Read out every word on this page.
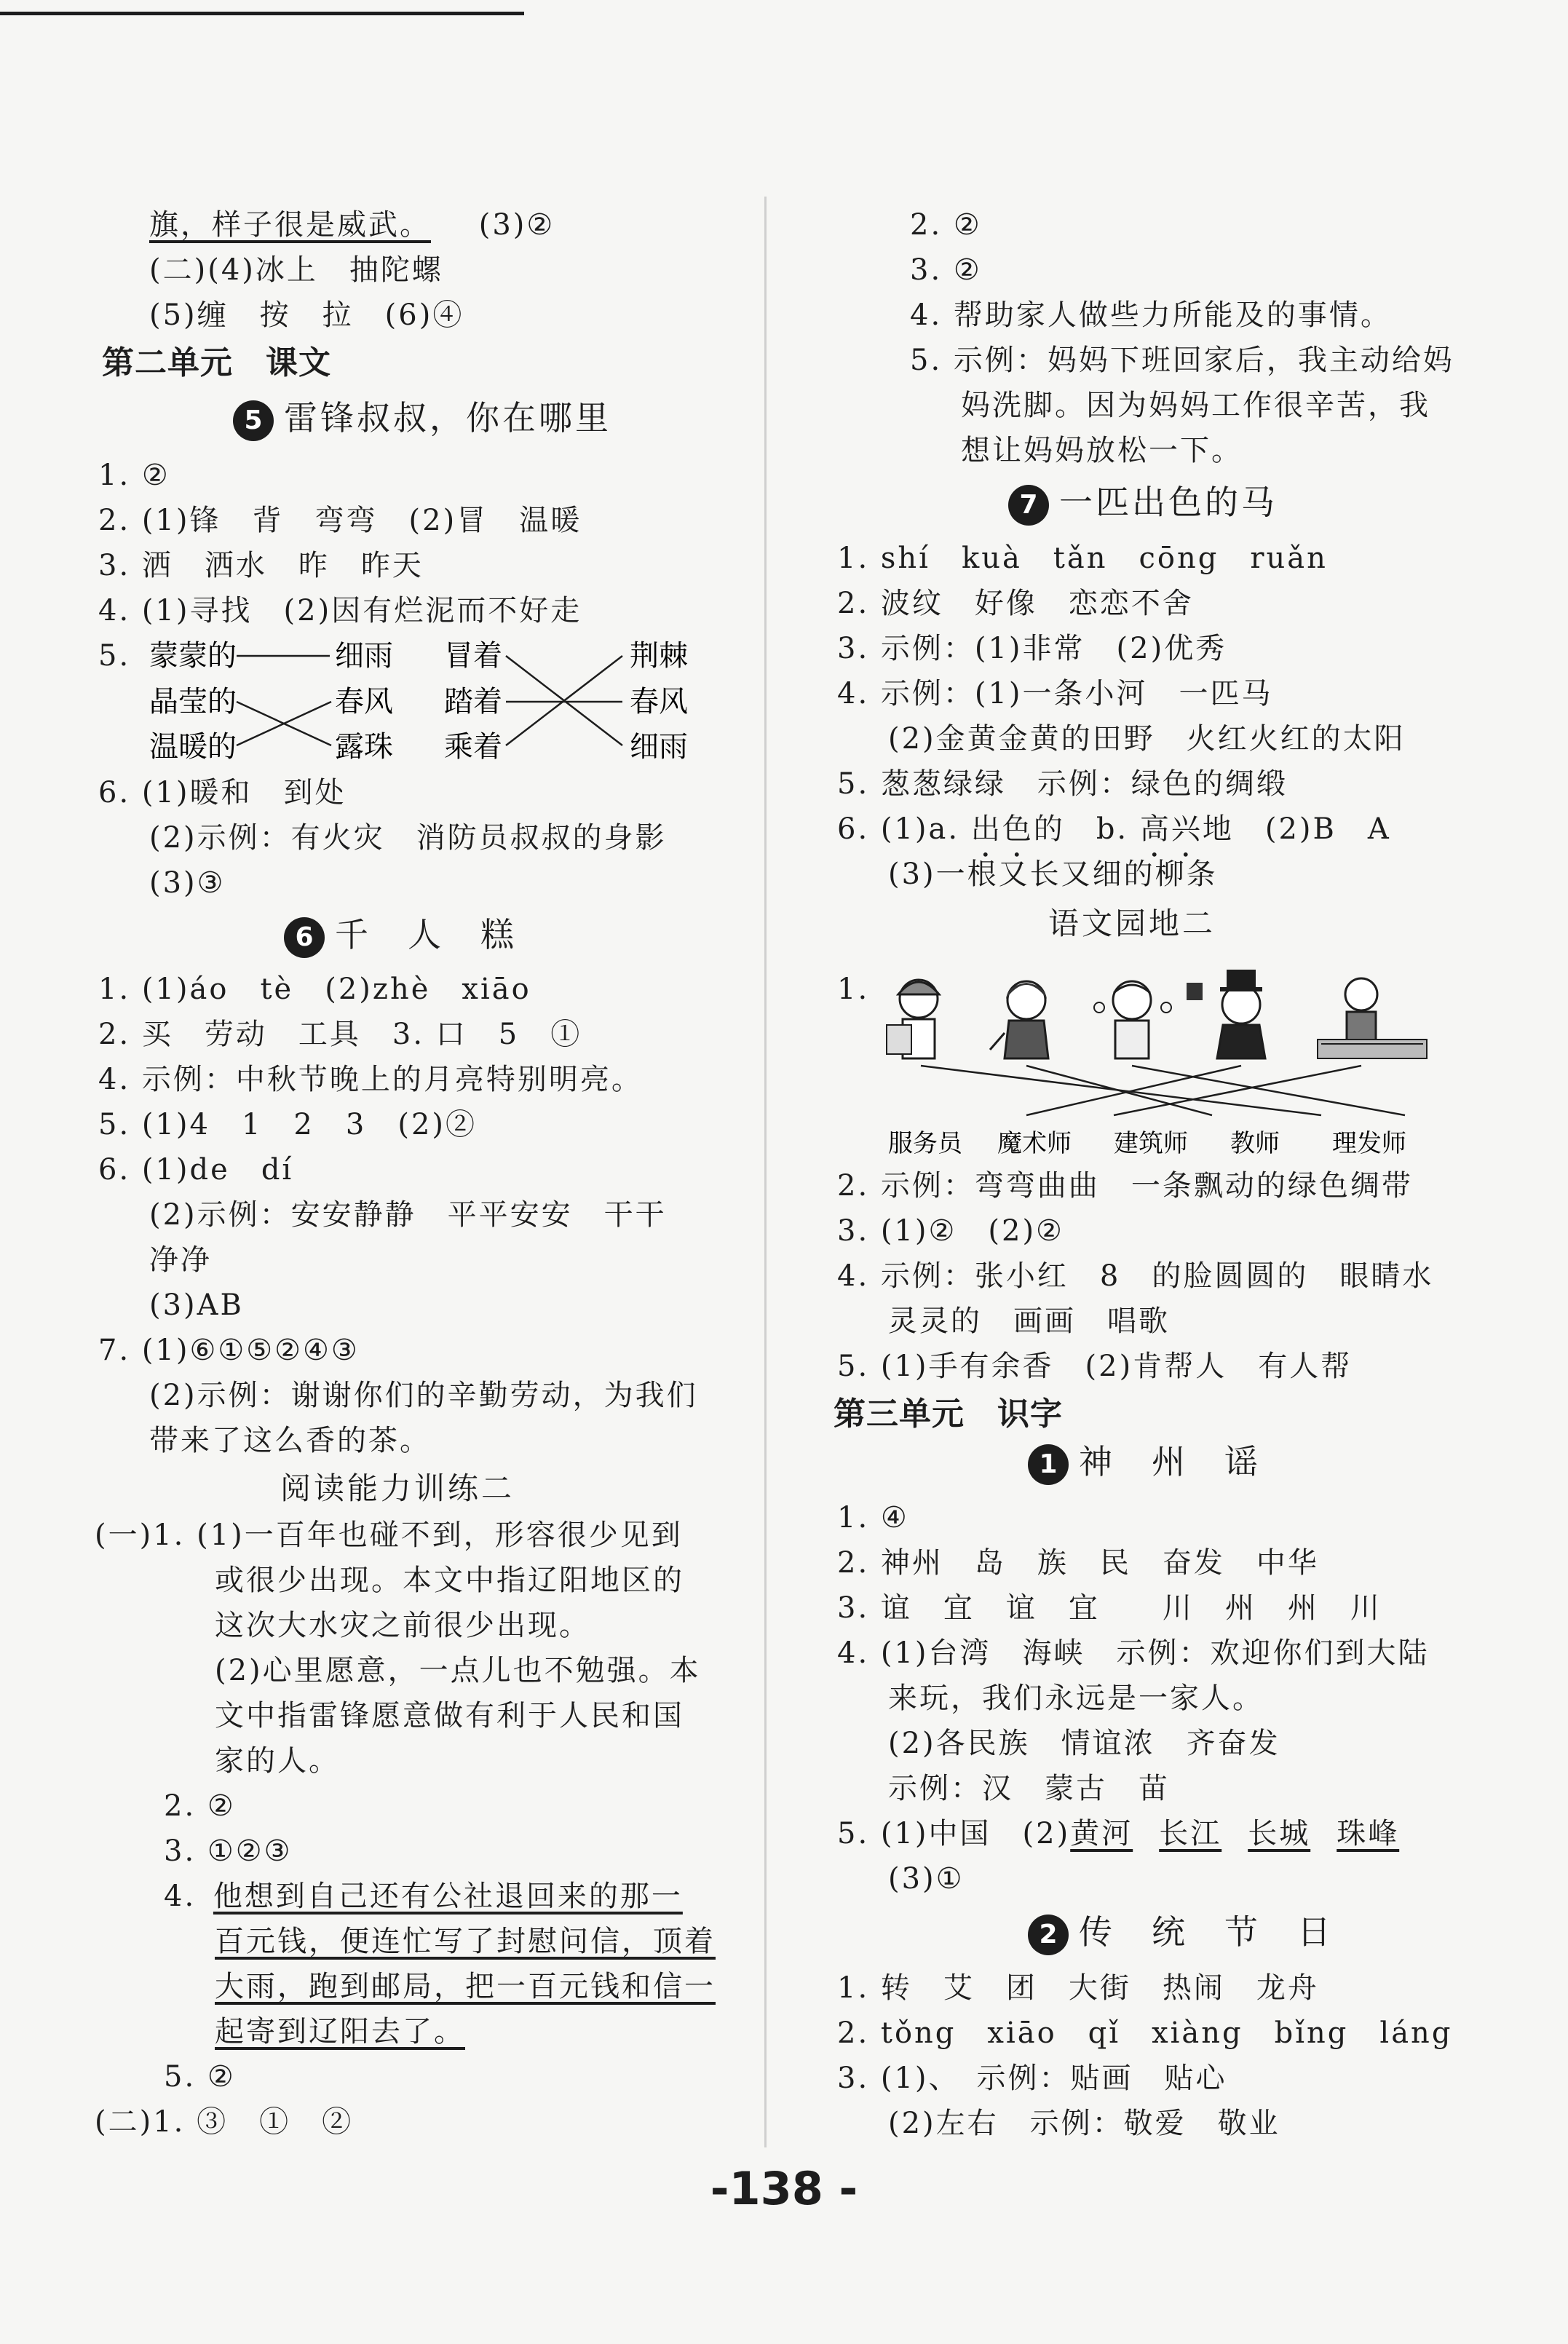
旗，样子很是威武。 (3)②
(二)(4)冰上　抽陀螺
(5)缠　按　拉　(6)④
第二单元　课文
5 雷锋叔叔，你在哪里
1. ②
2. (1)锋　背　弯弯　(2)冒　温暖
3. 洒　洒水　昨　昨天
4. (1)寻找　(2)因有烂泥而不好走
5. 蒙蒙的
晶莹的
温暖的
细雨
春风
露珠
冒着
踏着
乘着
荆棘
春风
细雨
6. (1)暖和　到处
(2)示例：有火灾　消防员叔叔的身影
(3)③
6 千　人　糕
1. (1)áo　tè　(2)zhè　xiāo
2. 买　劳动　工具　3. 口　5　①
4. 示例：中秋节晚上的月亮特别明亮。
5. (1)4　1　2　3　(2)②
6. (1)de　dí
(2)示例：安安静静　平平安安　干干
净净
(3)AB
7. (1)⑥①⑤②④③
(2)示例：谢谢你们的辛勤劳动，为我们
带来了这么香的茶。
阅读能力训练二
(一)1. (1)一百年也碰不到，形容很少见到
或很少出现。本文中指辽阳地区的
这次大水灾之前很少出现。
(2)心里愿意，一点儿也不勉强。本
文中指雷锋愿意做有利于人民和国
家的人。
2. ②
3. ①②③
4. 他想到自己还有公社退回来的那一
百元钱，便连忙写了封慰问信，顶着
大雨，跑到邮局，把一百元钱和信一
起寄到辽阳去了。
5. ②
(二)1. ③　①　②
2. ②
3. ②
4. 帮助家人做些力所能及的事情。
5. 示例：妈妈下班回家后，我主动给妈
妈洗脚。因为妈妈工作很辛苦，我
想让妈妈放松一下。
7 一匹出色的马
1. shí　kuà　tǎn　cōng　ruǎn
2. 波纹　好像　恋恋不舍
3. 示例：(1)非常　(2)优秀
4. 示例：(1)一条小河　一匹马
(2)金黄金黄的田野　火红火红的太阳
5. 葱葱绿绿　示例：绿色的绸缎
6. (1)a. 出色的　b. 高兴地　(2)B　A
(3)一根又长又细的柳条
语文园地二
1.
服务员 魔术师 建筑师 教师 理发师
2. 示例：弯弯曲曲　一条飘动的绿色绸带
3. (1)②　(2)②
4. 示例：张小红　8　的脸圆圆的　眼睛水
灵灵的　画画　唱歌
5. (1)手有余香　(2)肯帮人　有人帮
第三单元　识字
1 神　州　谣
1. ④
2. 神州　岛　族　民　奋发　中华
3. 谊　宜　谊　宜　　川　州　州　川
4. (1)台湾　海峡　示例：欢迎你们到大陆
来玩，我们永远是一家人。
(2)各民族　情谊浓　齐奋发
示例：汉　蒙古　苗
5. (1)中国　(2)黄河 长江 长城 珠峰
(3)①
2 传　统　节　日
1. 转　艾　团　大街　热闹　龙舟
2. tǒng　xiāo　qǐ　xiàng　bǐng　láng
3. (1)、　示例：贴画　贴心
(2)左右　示例：敬爱　敬业
-138 -
